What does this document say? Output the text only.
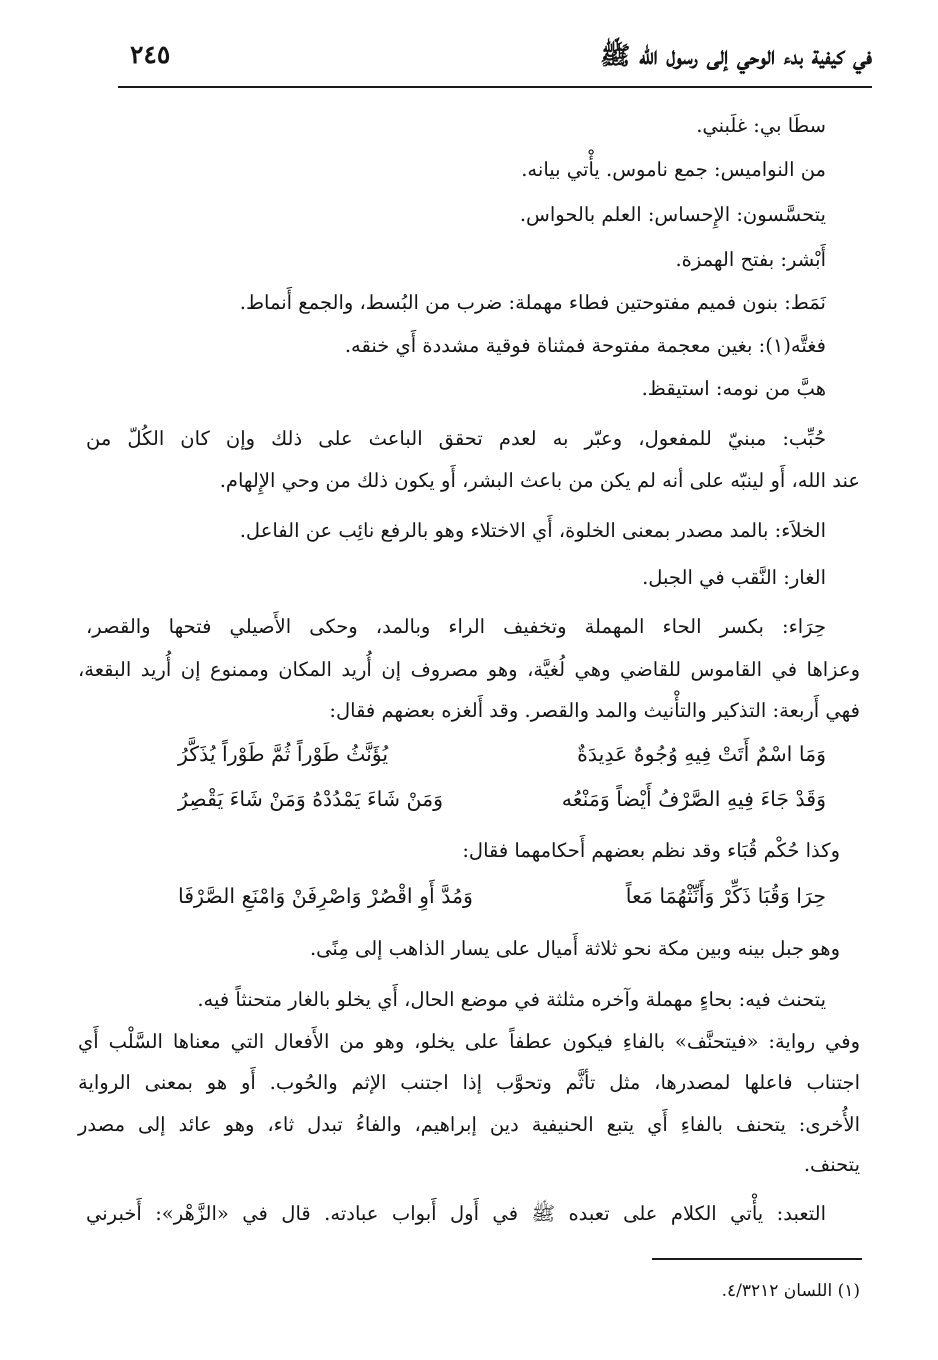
في كيفية بدء الوحي إلى رسول الله ﷺ
٢٤٥
سطَا بي: غلَبني.
من النواميس: جمع ناموس. يأْتي بيانه.
يتحسَّسون: الإِحساس: العلم بالحواس.
أَبْشر: بفتح الهمزة.
نَمَط: بنون فميم مفتوحتين فطاء مهملة: ضرب من البُسط، والجمع أَنماط.
فغتَّه(١): بغين معجمة مفتوحة فمثناة فوقية مشددة أَي خنقه.
هبَّ من نومه: استيقظ.
حُبِّب: مبنيّ للمفعول، وعبّر به لعدم تحقق الباعث على ذلك وإن كان الكُلّ من
عند الله، أَو لينبّه على أنه لم يكن من باعث البشر، أَو يكون ذلك من وحي الإِلهام.
الخلاَء: بالمد مصدر بمعنى الخلوة، أَي الاختلاء وهو بالرفع نائِب عن الفاعل.
الغار: النَّقب في الجبل.
حِرَاء: بكسر الحاء المهملة وتخفيف الراء وبالمد، وحكى الأَصيلي فتحها والقصر،
وعزاها في القاموس للقاضي وهي لُغيَّة، وهو مصروف إن أُريد المكان وممنوع إن أُريد البقعة،
فهي أَربعة: التذكير والتأْنيث والمد والقصر. وقد أَلغزه بعضهم فقال:
وَمَا اسْمٌ أَتَتْ فِيهِ وُجُوهٌ عَدِيدَةٌ
يُؤَنَّثُ طَوْراً ثُمَّ طَوْراً يُذَكَّرُ
وَقَدْ جَاءَ فِيهِ الصَّرْفُ أَيْضاً وَمَنْعُه
وَمَنْ شَاءَ يَمْدُدْهُ وَمَنْ شَاءَ يَقْصِرُ
وكذا حُكْم قُبَاء وقد نظم بعضهم أَحكامهما فقال:
حِرَا وَقُبَا ذَكِّرْ وَأَنِّثْهُمَا مَعاً
وَمُدَّ أَوِ اقْصُرْ وَاصْرِفَنْ وَامْنَعِ الصَّرْفَا
وهو جبل بينه وبين مكة نحو ثلاثة أَميال على يسار الذاهب إلى مِنًى.
يتحنث فيه: بحاءٍ مهملة وآخره مثلثة في موضع الحال، أَي يخلو بالغار متحنثاً فيه.
وفي رواية: «فيتحنَّف» بالفاءِ فيكون عطفاً على يخلو، وهو من الأَفعال التي معناها السَّلْب أَي
اجتناب فاعلها لمصدرها، مثل تأثَّم وتحوَّب إذا اجتنب الإثم والحُوب. أَو هو بمعنى الرواية
الأُخرى: يتحنف بالفاءِ أَي يتبع الحنيفية دين إبراهيم، والفاءُ تبدل ثاء، وهو عائد إلى مصدر
يتحنف.
التعبد: يأْتي الكلام على تعبده ﷺ في أَول أَبواب عبادته. قال في «الزَّهْر»: أَخبرني
(١) اللسان ٤/٣٢١٢.
